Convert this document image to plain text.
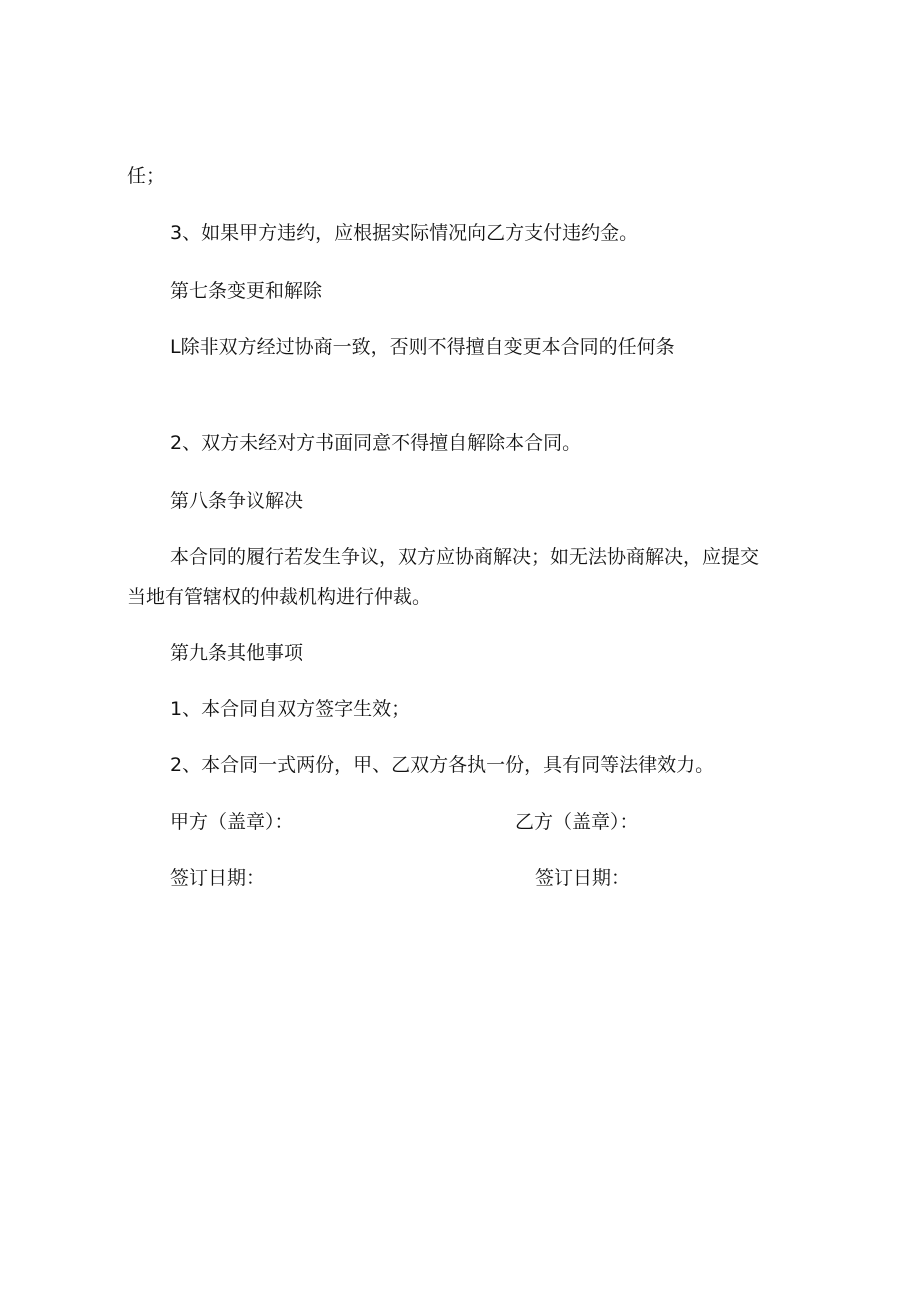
任；
3、如果甲方违约，应根据实际情况向乙方支付违约金。
第七条变更和解除
L除非双方经过协商一致，否则不得擅自变更本合同的任何条
2、双方未经对方书面同意不得擅自解除本合同。
第八条争议解决
本合同的履行若发生争议，双方应协商解决；如无法协商解决，应提交
当地有管辖权的仲裁机构进行仲裁。
第九条其他事项
1、本合同自双方签字生效；
2、本合同一式两份，甲、乙双方各执一份，具有同等法律效力。
甲方（盖章）：	乙方（盖章）：
签订日期：	签订日期：
